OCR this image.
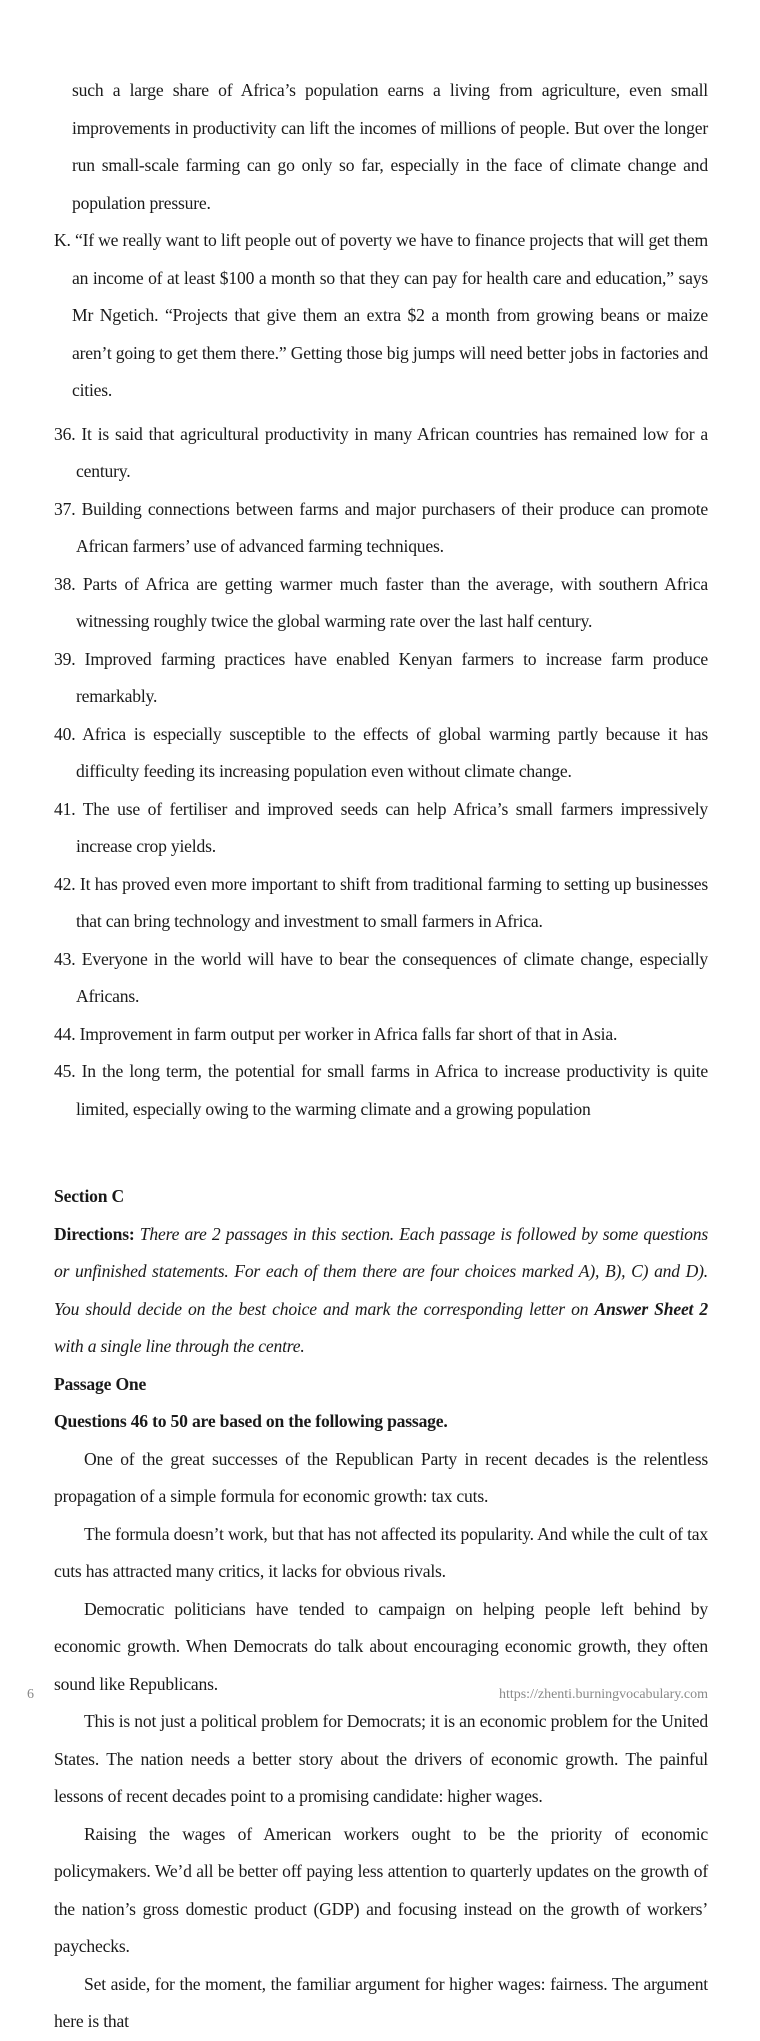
such a large share of Africa’s population earns a living from agriculture, even small improvements in productivity can lift the incomes of millions of people. But over the longer run small-scale farming can go only so far, especially in the face of climate change and population pressure.

K. “If we really want to lift people out of poverty we have to finance projects that will get them an income of at least $100 a month so that they can pay for health care and education,” says Mr Ngetich. “Projects that give them an extra $2 a month from growing beans or maize aren’t going to get them there.” Getting those big jumps will need better jobs in factories and cities.

36. It is said that agricultural productivity in many African countries has remained low for a century.

37. Building connections between farms and major purchasers of their produce can promote African farmers’ use of advanced farming techniques.

38. Parts of Africa are getting warmer much faster than the average, with southern Africa witnessing roughly twice the global warming rate over the last half century.

39. Improved farming practices have enabled Kenyan farmers to increase farm produce remarkably.

40. Africa is especially susceptible to the effects of global warming partly because it has difficulty feeding its increasing population even without climate change.

41. The use of fertiliser and improved seeds can help Africa’s small farmers impressively increase crop yields.

42. It has proved even more important to shift from traditional farming to setting up businesses that can bring technology and investment to small farmers in Africa.

43. Everyone in the world will have to bear the consequences of climate change, especially Africans.

44. Improvement in farm output per worker in Africa falls far short of that in Asia.

45. In the long term, the potential for small farms in Africa to increase productivity is quite limited, especially owing to the warming climate and a growing population

Section C

Directions: There are 2 passages in this section. Each passage is followed by some questions or unfinished statements. For each of them there are four choices marked A), B), C) and D). You should decide on the best choice and mark the corresponding letter on Answer Sheet 2 with a single line through the centre.

Passage One

Questions 46 to 50 are based on the following passage.

One of the great successes of the Republican Party in recent decades is the relentless propagation of a simple formula for economic growth: tax cuts.

The formula doesn’t work, but that has not affected its popularity. And while the cult of tax cuts has attracted many critics, it lacks for obvious rivals.

Democratic politicians have tended to campaign on helping people left behind by economic growth. When Democrats do talk about encouraging economic growth, they often sound like Republicans.

This is not just a political problem for Democrats; it is an economic problem for the United States. The nation needs a better story about the drivers of economic growth. The painful lessons of recent decades point to a promising candidate: higher wages.

Raising the wages of American workers ought to be the priority of economic policymakers. We’d all be better off paying less attention to quarterly updates on the growth of the nation’s gross domestic product (GDP) and focusing instead on the growth of workers’ paychecks.

Set aside, for the moment, the familiar argument for higher wages: fairness. The argument here is that

6	https://zhenti.burningvocabulary.com
